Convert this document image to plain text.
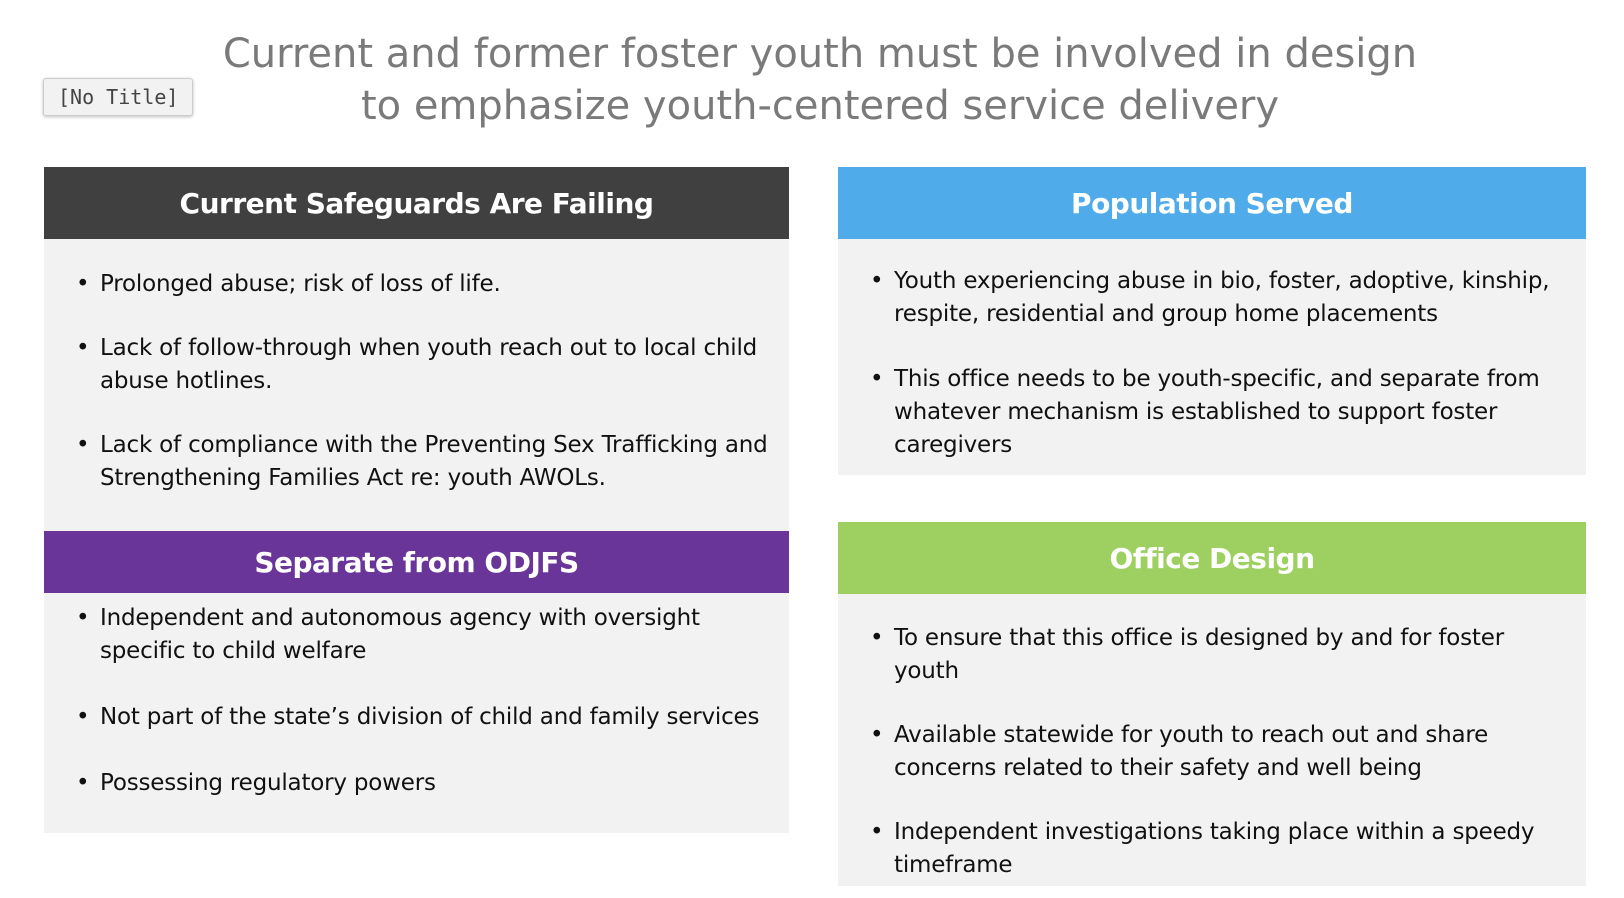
[No Title]
Current and former foster youth must be involved in design
to emphasize youth-centered service delivery
Current Safeguards Are Failing
• Prolonged abuse; risk of loss of life.
• Lack of follow-through when youth reach out to local child abuse hotlines.
• Lack of compliance with the Preventing Sex Trafficking and Strengthening Families Act re: youth AWOLs.
Separate from ODJFS
• Independent and autonomous agency with oversight specific to child welfare
• Not part of the state’s division of child and family services
• Possessing regulatory powers
Population Served
• Youth experiencing abuse in bio, foster, adoptive, kinship, respite, residential and group home placements
• This office needs to be youth-specific, and separate from whatever mechanism is established to support foster caregivers
Office Design
• To ensure that this office is designed by and for foster youth
• Available statewide for youth to reach out and share concerns related to their safety and well being
• Independent investigations taking place within a speedy timeframe
